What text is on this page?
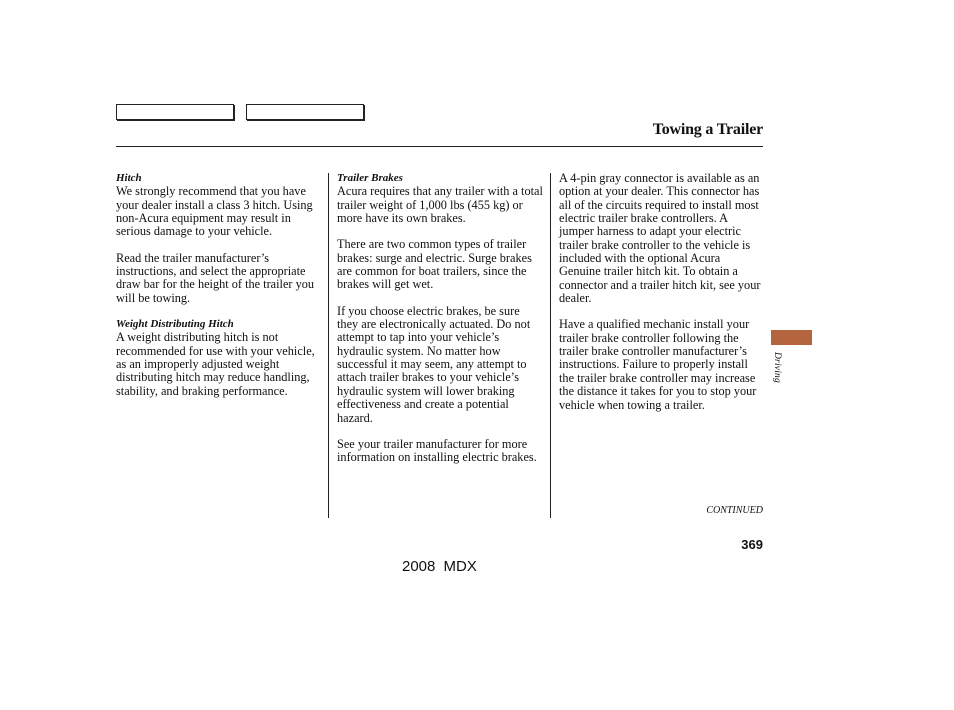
Towing a Trailer
Hitch

We strongly recommend that you have your dealer install a class 3 hitch. Using non-Acura equipment may result in serious damage to your vehicle.

Read the trailer manufacturer’s instructions, and select the appropriate draw bar for the height of the trailer you will be towing.

Weight Distributing Hitch

A weight distributing hitch is not recommended for use with your vehicle, as an improperly adjusted weight distributing hitch may reduce handling, stability, and braking performance.

Trailer Brakes

Acura requires that any trailer with a total trailer weight of 1,000 lbs (455 kg) or more have its own brakes.

There are two common types of trailer brakes: surge and electric. Surge brakes are common for boat trailers, since the brakes will get wet.

If you choose electric brakes, be sure they are electronically actuated. Do not attempt to tap into your vehicle’s hydraulic system. No matter how successful it may seem, any attempt to attach trailer brakes to your vehicle’s hydraulic system will lower braking effectiveness and create a potential hazard.

See your trailer manufacturer for more information on installing electric brakes.

A 4-pin gray connector is available as an option at your dealer. This connector has all of the circuits required to install most electric trailer brake controllers. A jumper harness to adapt your electric trailer brake controller to the vehicle is included with the optional Acura Genuine trailer hitch kit. To obtain a connector and a trailer hitch kit, see your dealer.

Have a qualified mechanic install your trailer brake controller following the trailer brake controller manufacturer’s instructions. Failure to properly install the trailer brake controller may increase the distance it takes for you to stop your vehicle when towing a trailer.

CONTINUED
369
2008 MDX
Driving
